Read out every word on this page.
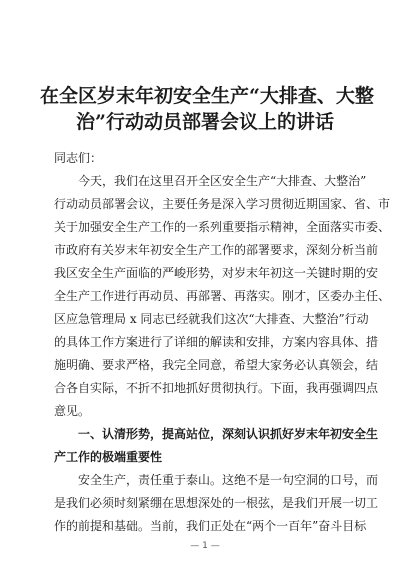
在全区岁末年初安全生产“大排查、大整
治”行动动员部署会议上的讲话
同志们：
今天，我们在这里召开全区安全生产“大排查、大整治”
行动动员部署会议，主要任务是深入学习贯彻近期国家、省、市
关于加强安全生产工作的一系列重要指示精神，全面落实市委、
市政府有关岁末年初安全生产工作的部署要求，深刻分析当前
我区安全生产面临的严峻形势，对岁末年初这一关键时期的安
全生产工作进行再动员、再部署、再落实。刚才，区委办主任、
区应急管理局 x 同志已经就我们这次“大排查、大整治”行动
的具体工作方案进行了详细的解读和安排，方案内容具体、措
施明确、要求严格，我完全同意，希望大家务必认真领会，结
合各自实际，不折不扣地抓好贯彻执行。下面，我再强调四点
意见。
一、认清形势，提高站位，深刻认识抓好岁末年初安全生
产工作的极端重要性
安全生产，责任重于泰山。这绝不是一句空洞的口号，而
是我们必须时刻紧绷在思想深处的一根弦，是我们开展一切工
作的前提和基础。当前，我们正处在“两个一百年”奋斗目标
— 1 —
